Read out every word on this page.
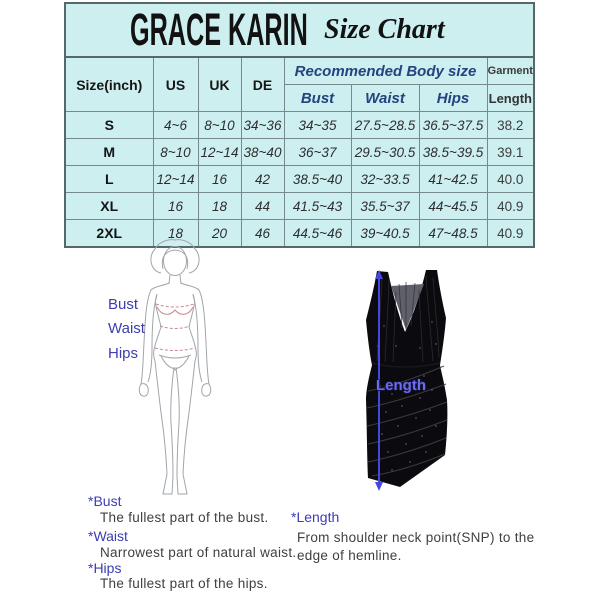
GRACE KARIN Size Chart							

Size(inch)	US	UK	DE	Recommended Body size			Garment
				Bust	Waist	Hips	Length
S	4~6	8~10	34~36	34~35	27.5~28.5	36.5~37.5	38.2
M	8~10	12~14	38~40	36~37	29.5~30.5	38.5~39.5	39.1
L	12~14	16	42	38.5~40	32~33.5	41~42.5	40.0
XL	16	18	44	41.5~43	35.5~37	44~45.5	40.9
2XL	18	20	46	44.5~46	39~40.5	47~48.5	40.9
Bust
Waist
Hips
Length
*Bust
The fullest part of the bust.
*Waist
Narrowest part of natural waist.
*Hips
The fullest part of the hips.
*Length
From shoulder neck point(SNP) to the
edge of hemline.
